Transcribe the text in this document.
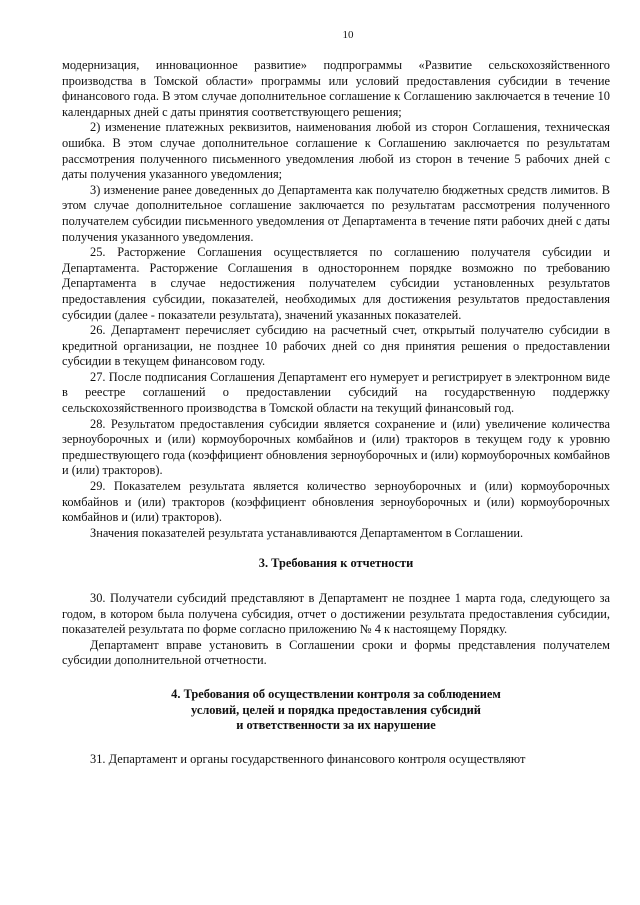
10

модернизация, инновационное развитие» подпрограммы «Развитие сельскохозяйственного производства в Томской области» программы или условий предоставления субсидии в течение финансового года. В этом случае дополнительное соглашение к Соглашению заключается в течение 10 календарных дней с даты принятия соответствующего решения;

2) изменение платежных реквизитов, наименования любой из сторон Соглашения, техническая ошибка. В этом случае дополнительное соглашение к Соглашению заключается по результатам рассмотрения полученного письменного уведомления любой из сторон в течение 5 рабочих дней с даты получения указанного уведомления;

3) изменение ранее доведенных до Департамента как получателю бюджетных средств лимитов. В этом случае дополнительное соглашение заключается по результатам рассмотрения полученного получателем субсидии письменного уведомления от Департамента в течение пяти рабочих дней с даты получения указанного уведомления.

25. Расторжение Соглашения осуществляется по соглашению получателя субсидии и Департамента. Расторжение Соглашения в одностороннем порядке возможно по требованию Департамента в случае недостижения получателем субсидии установленных результатов предоставления субсидии, показателей, необходимых для достижения результатов предоставления субсидии (далее - показатели результата), значений указанных показателей.

26. Департамент перечисляет субсидию на расчетный счет, открытый получателю субсидии в кредитной организации, не позднее 10 рабочих дней со дня принятия решения о предоставлении субсидии в текущем финансовом году.

27. После подписания Соглашения Департамент его нумерует и регистрирует в электронном виде в реестре соглашений о предоставлении субсидий на государственную поддержку сельскохозяйственного производства в Томской области на текущий финансовый год.

28. Результатом предоставления субсидии является сохранение и (или) увеличение количества зерноуборочных и (или) кормоуборочных комбайнов и (или) тракторов в текущем году к уровню предшествующего года (коэффициент обновления зерноуборочных и (или) кормоуборочных комбайнов и (или) тракторов).

29. Показателем результата является количество зерноуборочных и (или) кормоуборочных комбайнов и (или) тракторов (коэффициент обновления зерноуборочных и (или) кормоуборочных комбайнов и (или) тракторов).

Значения показателей результата устанавливаются Департаментом в Соглашении.

3. Требования к отчетности

30. Получатели субсидий представляют в Департамент не позднее 1 марта года, следующего за годом, в котором была получена субсидия, отчет о достижении результата предоставления субсидии, показателей результата по форме согласно приложению № 4 к настоящему Порядку.

Департамент вправе установить в Соглашении сроки и формы представления получателем субсидии дополнительной отчетности.

4. Требования об осуществлении контроля за соблюдением
условий, целей и порядка предоставления субсидий
и ответственности за их нарушение

31. Департамент и органы государственного финансового контроля осуществляют
